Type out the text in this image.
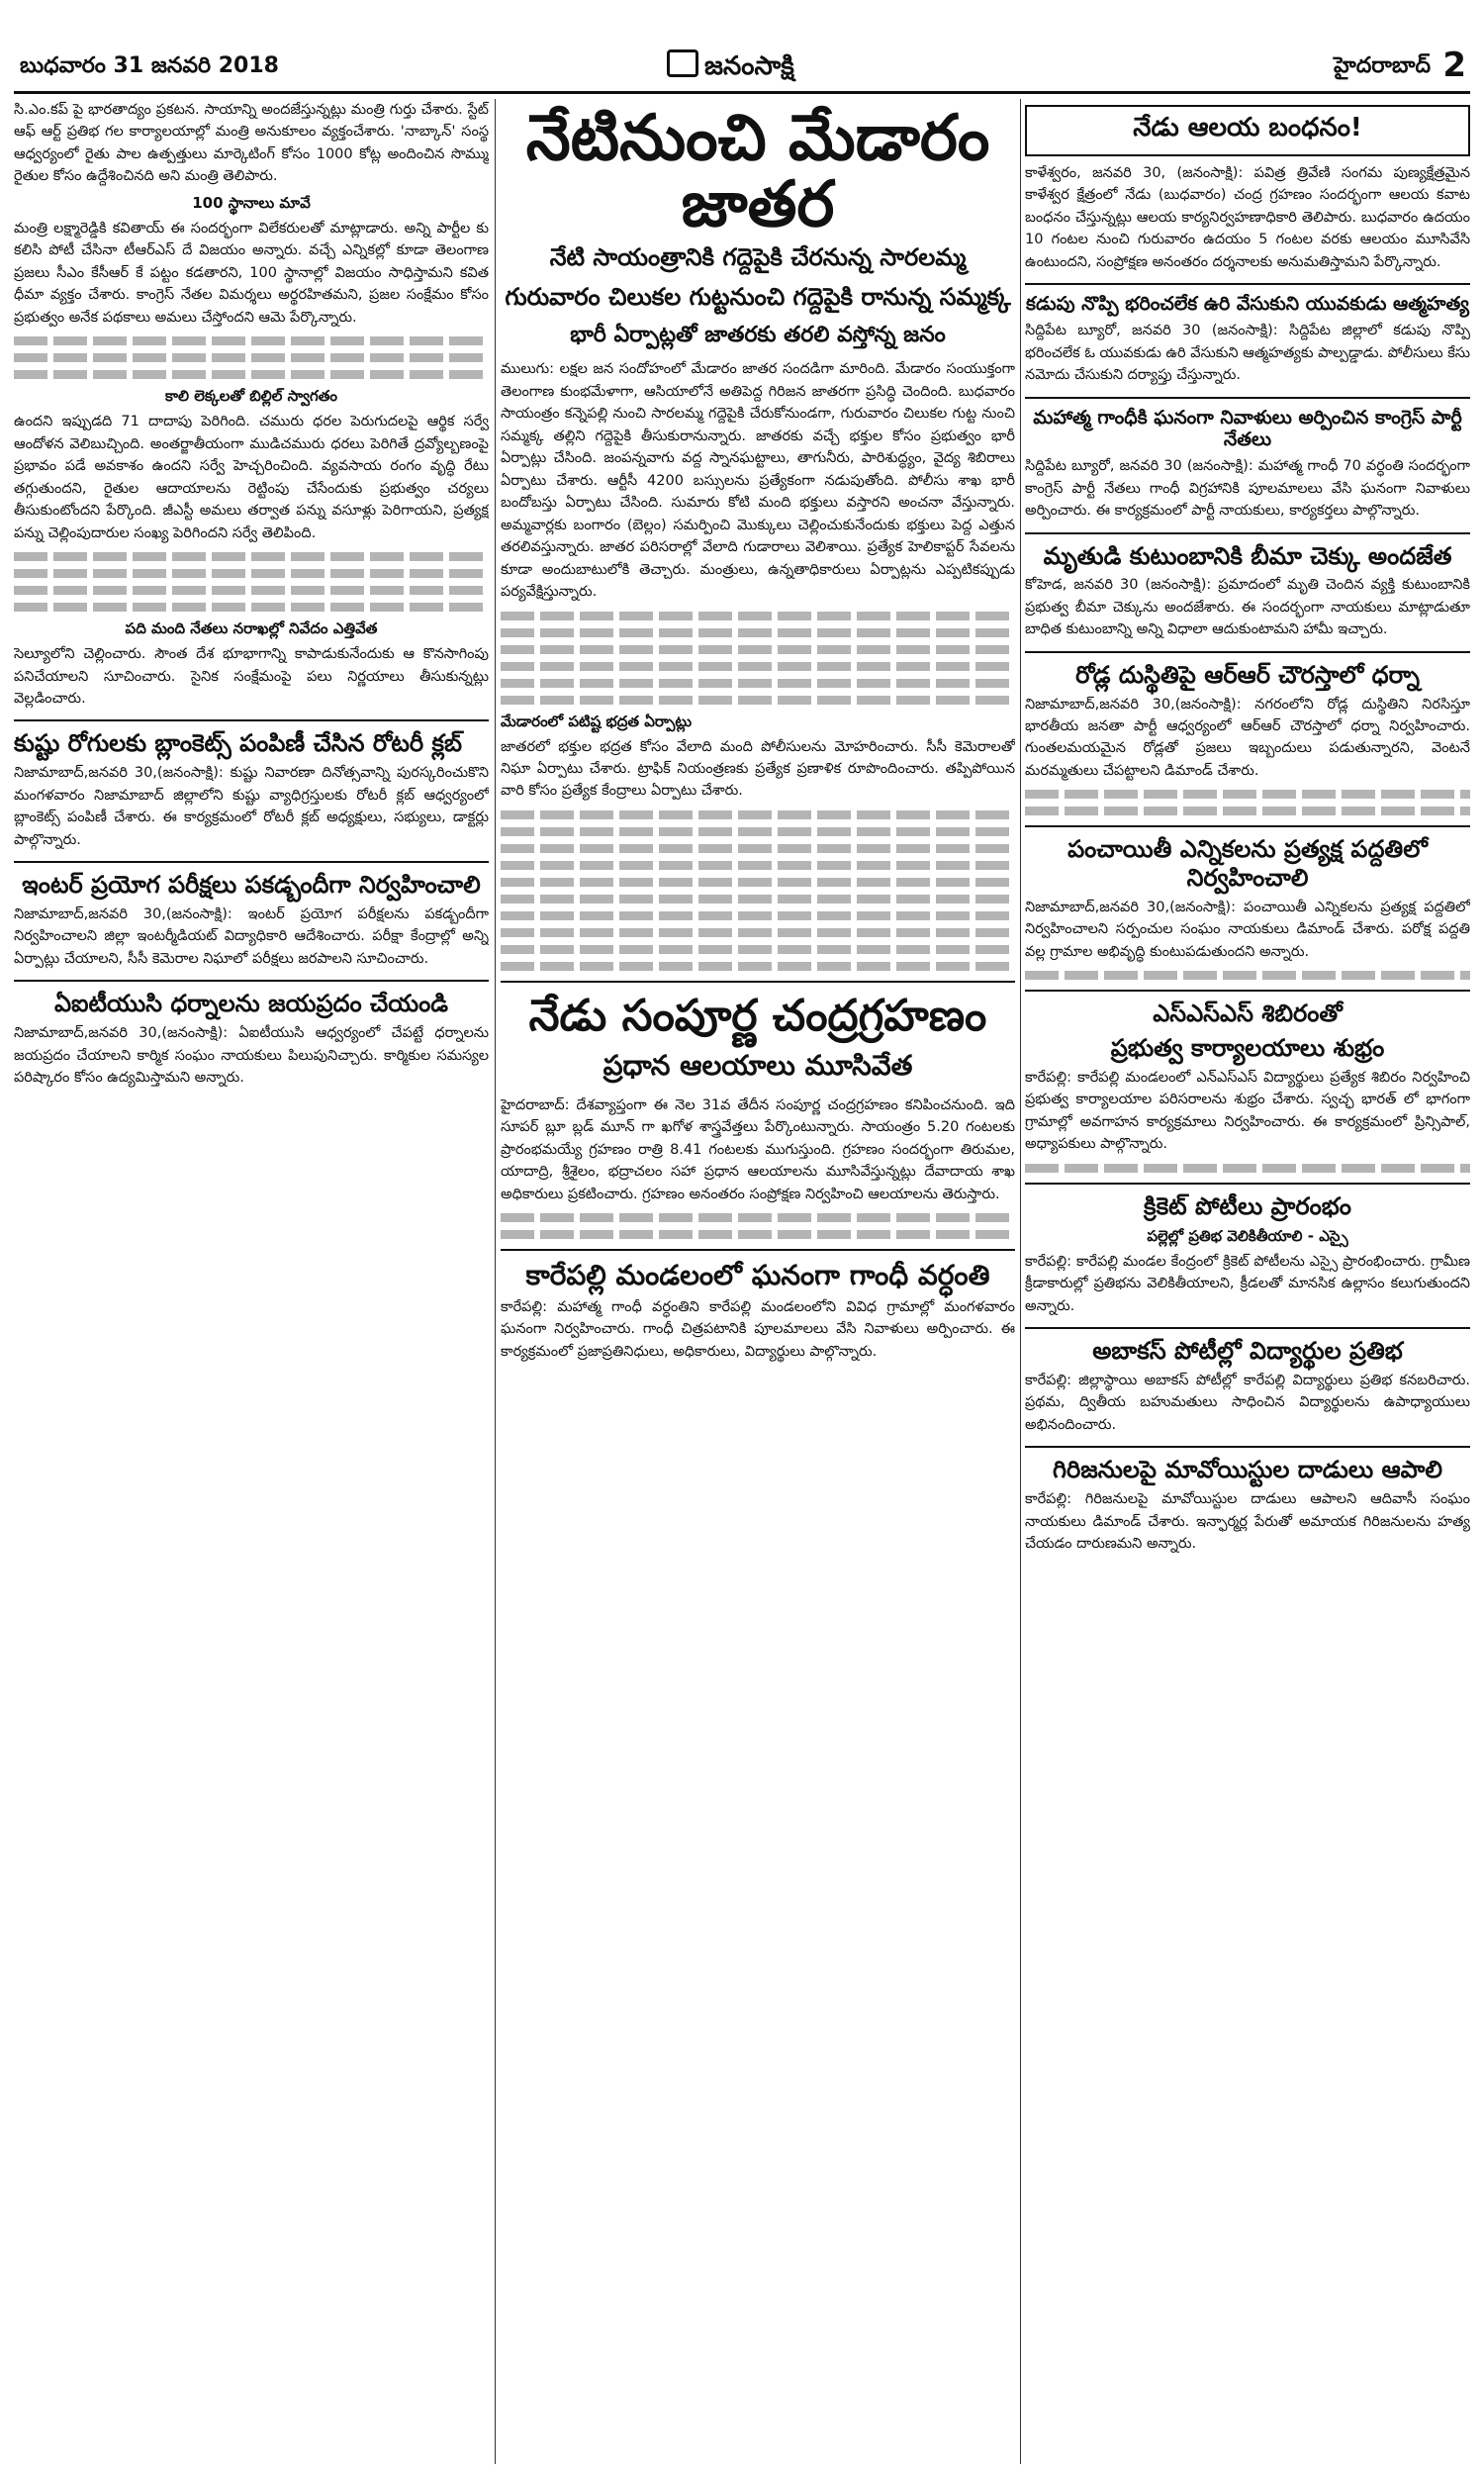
బుధవారం 31 జనవరి 2018	జనంసాక్షి	హైదరాబాద్ 2

సి.ఎం.కప్ పై భారతాద్యం ప్రకటన. సాయాన్ని అందజేస్తున్నట్లు మంత్రి గుర్తు చేశారు. స్టేట్ ఆఫ్ ఆర్ట్ ప్రతిభ గల కార్యాలయాల్లో మంత్రి అనుకూలం వ్యక్తంచేశారు. 'నాబ్కాన్' సంస్థ ఆధ్వర్యంలో రైతు పాల ఉత్పత్తులు మార్కెటింగ్ కోసం 1000 కోట్ల అందించిన సొమ్ము రైతుల కోసం ఉద్దేశించినది అని మంత్రి తెలిపారు.

100 స్థానాలు మావే

మంత్రి లక్ష్మారెడ్డికి కవితాయ్ ఈ సందర్భంగా విలేకరులతో మాట్లాడారు. అన్ని పార్టీల కు కలిసి పోటీ చేసినా టీఆర్ఎస్ దే విజయం అన్నారు. వచ్చే ఎన్నికల్లో కూడా తెలంగాణ ప్రజలు సీఎం కేసీఆర్ కే పట్టం కడతారని, 100 స్థానాల్లో విజయం సాధిస్తామని కవిత ధీమా వ్యక్తం చేశారు. కాంగ్రెస్ నేతల విమర్శలు అర్థరహితమని, ప్రజల సంక్షేమం కోసం ప్రభుత్వం అనేక పథకాలు అమలు చేస్తోందని ఆమె పేర్కొన్నారు.

కాలి లెక్కలతో బిల్లిల్ స్వాగతం

ఉందని ఇప్పుడది 71 దాదాపు పెరిగింది. చమురు ధరల పెరుగుదలపై ఆర్థిక సర్వే ఆందోళన వెలిబుచ్చింది. అంతర్జాతీయంగా ముడిచమురు ధరలు పెరిగితే ద్రవ్యోల్బణంపై ప్రభావం పడే అవకాశం ఉందని సర్వే హెచ్చరించింది. వ్యవసాయ రంగం వృద్ధి రేటు తగ్గుతుందని, రైతుల ఆదాయాలను రెట్టింపు చేసేందుకు ప్రభుత్వం చర్యలు తీసుకుంటోందని పేర్కొంది. జీఎస్టీ అమలు తర్వాత పన్ను వసూళ్లు పెరిగాయని, ప్రత్యక్ష పన్ను చెల్లింపుదారుల సంఖ్య పెరిగిందని సర్వే తెలిపింది.

పది మంది నేతలు నరాఖల్లో నివేదం ఎత్తివేత

సెల్యూలోని చెల్లించారు. సౌంత దేశ భూభాగాన్ని కాపాడుకునేందుకు ఆ కొనసాగింపు పనిచేయాలని సూచించారు. సైనిక సంక్షేమంపై పలు నిర్ణయాలు తీసుకున్నట్లు వెల్లడించారు.

కుష్టు రోగులకు బ్లాంకెట్స్ పంపిణీ చేసిన రోటరీ క్లబ్

నిజామాబాద్,జనవరి 30,(జనంసాక్షి): కుష్టు నివారణా దినోత్సవాన్ని పురస్కరించుకొని మంగళవారం నిజామాబాద్ జిల్లాలోని కుష్టు వ్యాధిగ్రస్తులకు రోటరీ క్లబ్ ఆధ్వర్యంలో బ్లాంకెట్స్ పంపిణీ చేశారు. ఈ కార్యక్రమంలో రోటరీ క్లబ్ అధ్యక్షులు, సభ్యులు, డాక్టర్లు పాల్గొన్నారు.

ఇంటర్ ప్రయోగ పరీక్షలు పకడ్బందీగా నిర్వహించాలి

నిజామాబాద్,జనవరి 30,(జనంసాక్షి): ఇంటర్ ప్రయోగ పరీక్షలను పకడ్బందీగా నిర్వహించాలని జిల్లా ఇంటర్మీడియట్ విద్యాధికారి ఆదేశించారు. పరీక్షా కేంద్రాల్లో అన్ని ఏర్పాట్లు చేయాలని, సీసీ కెమెరాల నిఘాలో పరీక్షలు జరపాలని సూచించారు.

ఏఐటీయుసి ధర్నాలను జయప్రదం చేయండి

నిజామాబాద్,జనవరి 30,(జనంసాక్షి): ఏఐటీయుసి ఆధ్వర్యంలో చేపట్టే ధర్నాలను జయప్రదం చేయాలని కార్మిక సంఘం నాయకులు పిలుపునిచ్చారు. కార్మికుల సమస్యల పరిష్కారం కోసం ఉద్యమిస్తామని అన్నారు.

నేటినుంచి మేడారం జాతర
నేటి సాయంత్రానికి గద్దెపైకి చేరనున్న సారలమ్మ
గురువారం చిలుకల గుట్టనుంచి గద్దెపైకి రానున్న సమ్మక్క
భారీ ఏర్పాట్లతో జాతరకు తరలి వస్తోన్న జనం

ములుగు: లక్షల జన సందోహంలో మేడారం జాతర సందడిగా మారింది. మేడారం సంయుక్తంగా తెలంగాణ కుంభమేళాగా, ఆసియాలోనే అతిపెద్ద గిరిజన జాతరగా ప్రసిద్ధి చెందింది. బుధవారం సాయంత్రం కన్నెపల్లి నుంచి సారలమ్మ గద్దెపైకి చేరుకోనుండగా, గురువారం చిలుకల గుట్ట నుంచి సమ్మక్క తల్లిని గద్దెపైకి తీసుకురానున్నారు. జాతరకు వచ్చే భక్తుల కోసం ప్రభుత్వం భారీ ఏర్పాట్లు చేసింది. జంపన్నవాగు వద్ద స్నానఘట్టాలు, తాగునీరు, పారిశుద్ధ్యం, వైద్య శిబిరాలు ఏర్పాటు చేశారు. ఆర్టీసీ 4200 బస్సులను ప్రత్యేకంగా నడుపుతోంది. పోలీసు శాఖ భారీ బందోబస్తు ఏర్పాటు చేసింది. సుమారు కోటి మంది భక్తులు వస్తారని అంచనా వేస్తున్నారు. అమ్మవార్లకు బంగారం (బెల్లం) సమర్పించి మొక్కులు చెల్లించుకునేందుకు భక్తులు పెద్ద ఎత్తున తరలివస్తున్నారు. జాతర పరిసరాల్లో వేలాది గుడారాలు వెలిశాయి. ప్రత్యేక హెలికాప్టర్ సేవలను కూడా అందుబాటులోకి తెచ్చారు. మంత్రులు, ఉన్నతాధికారులు ఏర్పాట్లను ఎప్పటికప్పుడు పర్యవేక్షిస్తున్నారు.

మేడారంలో పటిష్ట భద్రత ఏర్పాట్లు

జాతరలో భక్తుల భద్రత కోసం వేలాది మంది పోలీసులను మోహరించారు. సీసీ కెమెరాలతో నిఘా ఏర్పాటు చేశారు. ట్రాఫిక్ నియంత్రణకు ప్రత్యేక ప్రణాళిక రూపొందించారు. తప్పిపోయిన వారి కోసం ప్రత్యేక కేంద్రాలు ఏర్పాటు చేశారు.

నేడు సంపూర్ణ చంద్రగ్రహణం
ప్రధాన ఆలయాలు మూసివేత

హైదరాబాద్: దేశవ్యాప్తంగా ఈ నెల 31వ తేదీన సంపూర్ణ చంద్రగ్రహణం కనిపించనుంది. ఇది సూపర్ బ్లూ బ్లడ్ మూన్ గా ఖగోళ శాస్త్రవేత్తలు పేర్కొంటున్నారు. సాయంత్రం 5.20 గంటలకు ప్రారంభమయ్యే గ్రహణం రాత్రి 8.41 గంటలకు ముగుస్తుంది. గ్రహణం సందర్భంగా తిరుమల, యాదాద్రి, శ్రీశైలం, భద్రాచలం సహా ప్రధాన ఆలయాలను మూసివేస్తున్నట్లు దేవాదాయ శాఖ అధికారులు ప్రకటించారు. గ్రహణం అనంతరం సంప్రోక్షణ నిర్వహించి ఆలయాలను తెరుస్తారు.

కారేపల్లి మండలంలో ఘనంగా గాంధీ వర్ధంతి

కారేపల్లి: మహాత్మ గాంధీ వర్ధంతిని కారేపల్లి మండలంలోని వివిధ గ్రామాల్లో మంగళవారం ఘనంగా నిర్వహించారు. గాంధీ చిత్రపటానికి పూలమాలలు వేసి నివాళులు అర్పించారు. ఈ కార్యక్రమంలో ప్రజాప్రతినిధులు, అధికారులు, విద్యార్థులు పాల్గొన్నారు.

నేడు ఆలయ బంధనం!

కాళేశ్వరం, జనవరి 30, (జనంసాక్షి): పవిత్ర త్రివేణి సంగమ పుణ్యక్షేత్రమైన కాళేశ్వర క్షేత్రంలో నేడు (బుధవారం) చంద్ర గ్రహణం సందర్భంగా ఆలయ కవాట బంధనం చేస్తున్నట్లు ఆలయ కార్యనిర్వహణాధికారి తెలిపారు. బుధవారం ఉదయం 10 గంటల నుంచి గురువారం ఉదయం 5 గంటల వరకు ఆలయం మూసివేసి ఉంటుందని, సంప్రోక్షణ అనంతరం దర్శనాలకు అనుమతిస్తామని పేర్కొన్నారు.

కడుపు నొప్పి భరించలేక ఉరి వేసుకుని యువకుడు ఆత్మహత్య

సిద్దిపేట బ్యూరో, జనవరి 30 (జనంసాక్షి): సిద్దిపేట జిల్లాలో కడుపు నొప్పి భరించలేక ఓ యువకుడు ఉరి వేసుకుని ఆత్మహత్యకు పాల్పడ్డాడు. పోలీసులు కేసు నమోదు చేసుకుని దర్యాప్తు చేస్తున్నారు.

మహాత్మ గాంధీకి ఘనంగా నివాళులు అర్పించిన కాంగ్రెస్ పార్టీ నేతలు

సిద్దిపేట బ్యూరో, జనవరి 30 (జనంసాక్షి): మహాత్మ గాంధీ 70 వర్ధంతి సందర్భంగా కాంగ్రెస్ పార్టీ నేతలు గాంధీ విగ్రహానికి పూలమాలలు వేసి ఘనంగా నివాళులు అర్పించారు. ఈ కార్యక్రమంలో పార్టీ నాయకులు, కార్యకర్తలు పాల్గొన్నారు.

మృతుడి కుటుంబానికి బీమా చెక్కు అందజేత

కోహెడ, జనవరి 30 (జనంసాక్షి): ప్రమాదంలో మృతి చెందిన వ్యక్తి కుటుంబానికి ప్రభుత్వ బీమా చెక్కును అందజేశారు. ఈ సందర్భంగా నాయకులు మాట్లాడుతూ బాధిత కుటుంబాన్ని అన్ని విధాలా ఆదుకుంటామని హామీ ఇచ్చారు.

రోడ్ల దుస్థితిపై ఆర్ఆర్ చౌరస్తాలో ధర్నా

నిజామాబాద్,జనవరి 30,(జనంసాక్షి): నగరంలోని రోడ్ల దుస్థితిని నిరసిస్తూ భారతీయ జనతా పార్టీ ఆధ్వర్యంలో ఆర్ఆర్ చౌరస్తాలో ధర్నా నిర్వహించారు. గుంతలమయమైన రోడ్లతో ప్రజలు ఇబ్బందులు పడుతున్నారని, వెంటనే మరమ్మతులు చేపట్టాలని డిమాండ్ చేశారు.

పంచాయితీ ఎన్నికలను ప్రత్యక్ష పద్దతిలో నిర్వహించాలి

నిజామాబాద్,జనవరి 30,(జనంసాక్షి): పంచాయితీ ఎన్నికలను ప్రత్యక్ష పద్దతిలో నిర్వహించాలని సర్పంచుల సంఘం నాయకులు డిమాండ్ చేశారు. పరోక్ష పద్దతి వల్ల గ్రామాల అభివృద్ధి కుంటుపడుతుందని అన్నారు.

ఎస్ఎస్ఎస్ శిబిరంతో
ప్రభుత్వ కార్యాలయాలు శుభ్రం

కారేపల్లి: కారేపల్లి మండలంలో ఎన్ఎస్ఎస్ విద్యార్థులు ప్రత్యేక శిబిరం నిర్వహించి ప్రభుత్వ కార్యాలయాల పరిసరాలను శుభ్రం చేశారు. స్వచ్ఛ భారత్ లో భాగంగా గ్రామాల్లో అవగాహన కార్యక్రమాలు నిర్వహించారు. ఈ కార్యక్రమంలో ప్రిన్సిపాల్, అధ్యాపకులు పాల్గొన్నారు.

క్రికెట్ పోటీలు ప్రారంభం

పల్లెల్లో ప్రతిభ వెలికితీయాలి - ఎస్సై

కారేపల్లి: కారేపల్లి మండల కేంద్రంలో క్రికెట్ పోటీలను ఎస్సై ప్రారంభించారు. గ్రామీణ క్రీడాకారుల్లో ప్రతిభను వెలికితీయాలని, క్రీడలతో మానసిక ఉల్లాసం కలుగుతుందని అన్నారు.

అబాకస్ పోటీల్లో విద్యార్థుల ప్రతిభ

కారేపల్లి: జిల్లాస్థాయి అబాకస్ పోటీల్లో కారేపల్లి విద్యార్థులు ప్రతిభ కనబరిచారు. ప్రథమ, ద్వితీయ బహుమతులు సాధించిన విద్యార్థులను ఉపాధ్యాయులు అభినందించారు.

గిరిజనులపై మావోయిస్టుల దాడులు ఆపాలి

కారేపల్లి: గిరిజనులపై మావోయిస్టుల దాడులు ఆపాలని ఆదివాసీ సంఘం నాయకులు డిమాండ్ చేశారు. ఇన్ఫార్మర్ల పేరుతో అమాయక గిరిజనులను హత్య చేయడం దారుణమని అన్నారు.
